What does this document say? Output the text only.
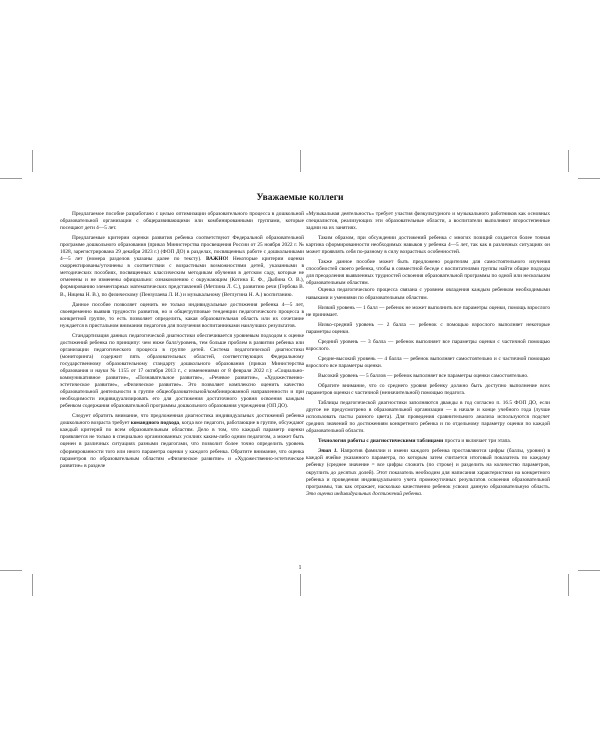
Уважаемые коллеги

Предлагаемое пособие разработано с целью оптимизации образовательного процесса в дошкольной образовательной организации с общеразвивающими или комбинированными группами, которые посещают дети 4—5 лет.

Предлагаемые критерии оценки развития ребенка соответствуют Федеральной образовательной программе дошкольного образования (приказ Министерства просвещения России от 25 ноября 2022 г. № 1028, зарегистрирована 29 декабря 2023 г.) (ФОП ДО) в разделах, посвященных работе с дошкольниками 4—5 лет (номера разделов указаны далее по тексту). ВАЖНО! Некоторые критерии оценки скорректированы/уточнены в соответствии с возрастными возможностями детей, указанными в методических пособиях, посвященных классическим методикам обучения в детском саду, которые не отменены и не изменены официально: ознакомлению с окружающим (Котина Е. Ф., Дыбина О. В.), формированию элементарных математических представлений (Метлина Л. С.), развитию речи (Гербова В. В., Ницева Н. В.), по физическому (Пензулаева Л. И.) и музыкальному (Ветлугина Н. А.) воспитанию.

Данное пособие позволяет оценить не только индивидуальные достижения ребенка 4—5 лет, своевременно выявив трудности развития, но и общегрупповые тенденции педагогического процесса в конкретной группе, то есть позволяет определить, какая образовательная область или их сочетание нуждается в пристальном внимании педагогов для получения воспитанниками наилучших результатов.

Стандартизация данных педагогической диагностики обеспечивается уровневым подходом к оценке достижений ребенка по принципу: чем ниже балл/уровень, тем больше проблем в развитии ребенка или организации педагогического процесса в группе детей. Система педагогической диагностики (мониторинга) содержит пять образовательных областей, соответствующих Федеральному государственному образовательному стандарту дошкольного образования (приказ Министерства образования и науки № 1155 от 17 октября 2013 г., с изменениями от 8 февраля 2022 г.): «Социально-коммуникативное развитие», «Познавательное развитие», «Речевое развитие», «Художественно-эстетическое развитие», «Физическое развитие». Это позволяет комплексно оценить качество образовательной деятельности в группе общеобразовательной/комбинированной направленности и при необходимости индивидуализировать его для достижения достаточного уровня освоения каждым ребенком содержания образовательной программы дошкольного образования учреждения (ОП ДО).

Следует обратить внимание, что предложенная диагностика индивидуальных достижений ребенка дошкольного возраста требует командного подхода, когда все педагоги, работающие в группе, обсуждают каждый критерий по всем образовательным областям. Дело в том, что каждый параметр оценки проявляется не только в специально организованных усилиях каким-либо одним педагогом, а может быть оценен в различных ситуациях разными педагогами, что позволит более точно определить уровень сформированности того или иного параметра оценки у каждого ребенка. Обратите внимание, что оценка параметров по образовательным областям «Физическое развитие» и «Художественно-эстетическое развитие» в разделе

«Музыкальная деятельность» требует участия физкультурного и музыкального работников как основных специалистов, реализующих эти образовательные области, а воспитатели выполняют второстепенные задачи на их занятиях.

Таким образом, при обсуждении достижений ребенка с многих позиций создается более точная картина сформированности необходимых навыков у ребенка 4—5 лет, так как в различных ситуациях он может проявлять себя по-разному в силу возрастных особенностей.

Также данное пособие может быть предложено родителям для самостоятельного изучения способностей своего ребенка, чтобы в совместной беседе с воспитателями группы найти общие подходы для преодоления выявленных трудностей освоения образовательной программы по одной или нескольким образовательным областям.

Оценка педагогического процесса связана с уровнем овладения каждым ребенком необходимыми навыками и умениями по образовательным областям.

Низкий уровень — 1 балл — ребенок не может выполнить все параметры оценки, помощь взрослого не принимает.

Низко-средний уровень — 2 балла — ребенок с помощью взрослого выполняет некоторые параметры оценки.

Средний уровень — 3 балла — ребенок выполняет все параметры оценки с частичной помощью взрослого.

Средне-высокий уровень — 4 балла — ребенок выполняет самостоятельно и с частичной помощью взрослого все параметры оценки.

Высокий уровень — 5 баллов — ребенок выполняет все параметры оценки самостоятельно.

Обратите внимание, что со среднего уровня ребенку должно быть доступно выполнение всех параметров оценки с частичной (незначительной) помощью педагога.

Таблицы педагогической диагностики заполняются дважды в год согласно п. 16.5 ФОП ДО, если другое не предусмотрено в образовательной организации — в начале и конце учебного года (лучше использовать пасты разного цвета). Для проведения сравнительного анализа используются подсчет средних значений по достижениям конкретного ребенка и по отдельному параметру оценки по каждой образовательной области.

Технология работы с диагностическими таблицами проста и включает три этапа.

Этап 1. Напротив фамилии и имени каждого ребенка проставляются цифры (баллы, уровни) в каждой ячейке указанного параметра, по которым затем считается итоговый показатель по каждому ребенку (среднее значение = все цифры сложить (по строке) и разделить на количество параметров, округлить до десятых долей). Этот показатель необходим для написания характеристики на конкретного ребенка и проведения индивидуального учета промежуточных результатов освоения образовательной программы, так как отражает, насколько качественно ребенок усвоил данную образовательную область. Это оценка индивидуальных достижений ребенка.

1
